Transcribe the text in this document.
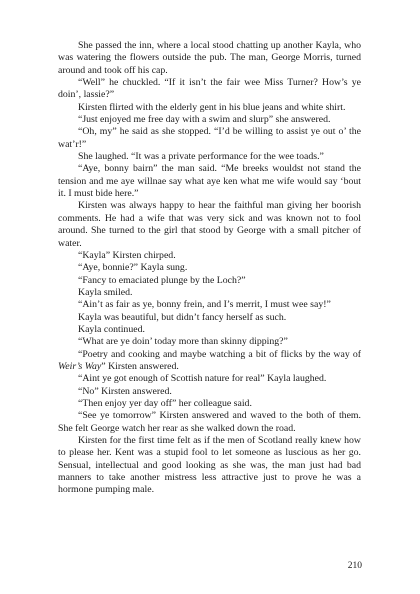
She passed the inn, where a local stood chatting up another Kayla, who was watering the flowers outside the pub. The man, George Morris, turned around and took off his cap.

“Well” he chuckled. “If it isn’t the fair wee Miss Turner? How’s ye doin’, lassie?”

Kirsten flirted with the elderly gent in his blue jeans and white shirt.

“Just enjoyed me free day with a swim and slurp” she answered.

“Oh, my” he said as she stopped. “I’d be willing to assist ye out o’ the wat’r!”

She laughed. “It was a private performance for the wee toads.”

“Aye, bonny bairn” the man said. “Me breeks wouldst not stand the tension and me aye willnae say what aye ken what me wife would say ‘bout it. I must bide here.”

Kirsten was always happy to hear the faithful man giving her boorish comments. He had a wife that was very sick and was known not to fool around. She turned to the girl that stood by George with a small pitcher of water.

“Kayla” Kirsten chirped.

“Aye, bonnie?” Kayla sung.

“Fancy to emaciated plunge by the Loch?”

Kayla smiled.

“Ain’t as fair as ye, bonny frein, and I’s merrit, I must wee say!”

Kayla was beautiful, but didn’t fancy herself as such.

Kayla continued.

“What are ye doin’ today more than skinny dipping?”

“Poetry and cooking and maybe watching a bit of flicks by the way of Weir’s Way” Kirsten answered.

“Aint ye got enough of Scottish nature for real” Kayla laughed.

“No” Kirsten answered.

“Then enjoy yer day off” her colleague said.

“See ye tomorrow” Kirsten answered and waved to the both of them. She felt George watch her rear as she walked down the road.

Kirsten for the first time felt as if the men of Scotland really knew how to please her. Kent was a stupid fool to let someone as luscious as her go. Sensual, intellectual and good looking as she was, the man just had bad manners to take another mistress less attractive just to prove he was a hormone pumping male.

210
